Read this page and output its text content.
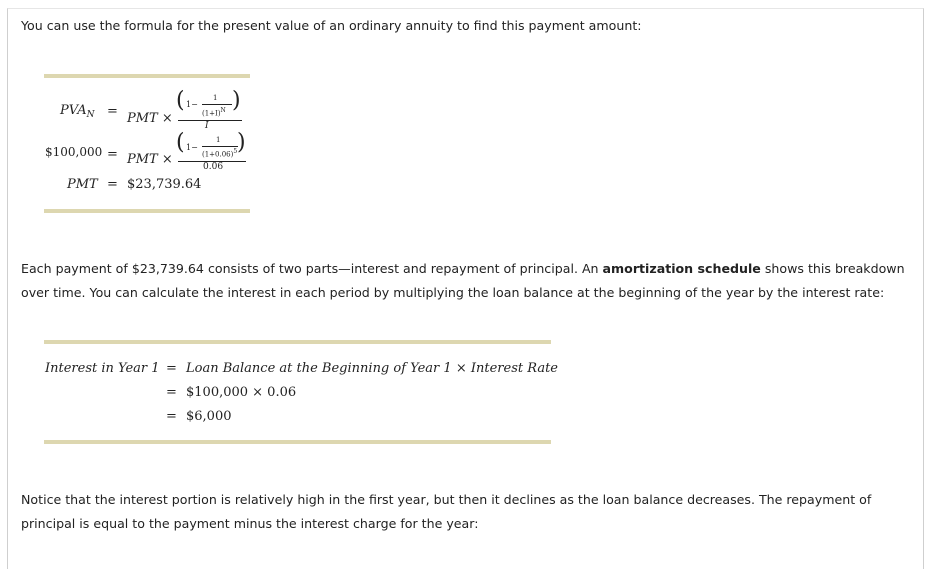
You can use the formula for the present value of an ordinary annuity to find this payment amount:
$PVA_N$ = PMT ×
( 1−
1
$(1+I)^N$ )
I
$100,000 = PMT ×
( 1−
1
$(1+0.06)^5$ )
0.06
PMT = $23,739.64
Each payment of $23,739.64 consists of two parts—interest and repayment of principal. An amortization schedule shows this breakdown over time. You can calculate the interest in each period by multiplying the loan balance at the beginning of the year by the interest rate:
Interest in Year 1 = Loan Balance at the Beginning of Year 1 × Interest Rate
= $100,000 × 0.06
= $6,000
Notice that the interest portion is relatively high in the first year, but then it declines as the loan balance decreases. The repayment of principal is equal to the payment minus the interest charge for the year:
